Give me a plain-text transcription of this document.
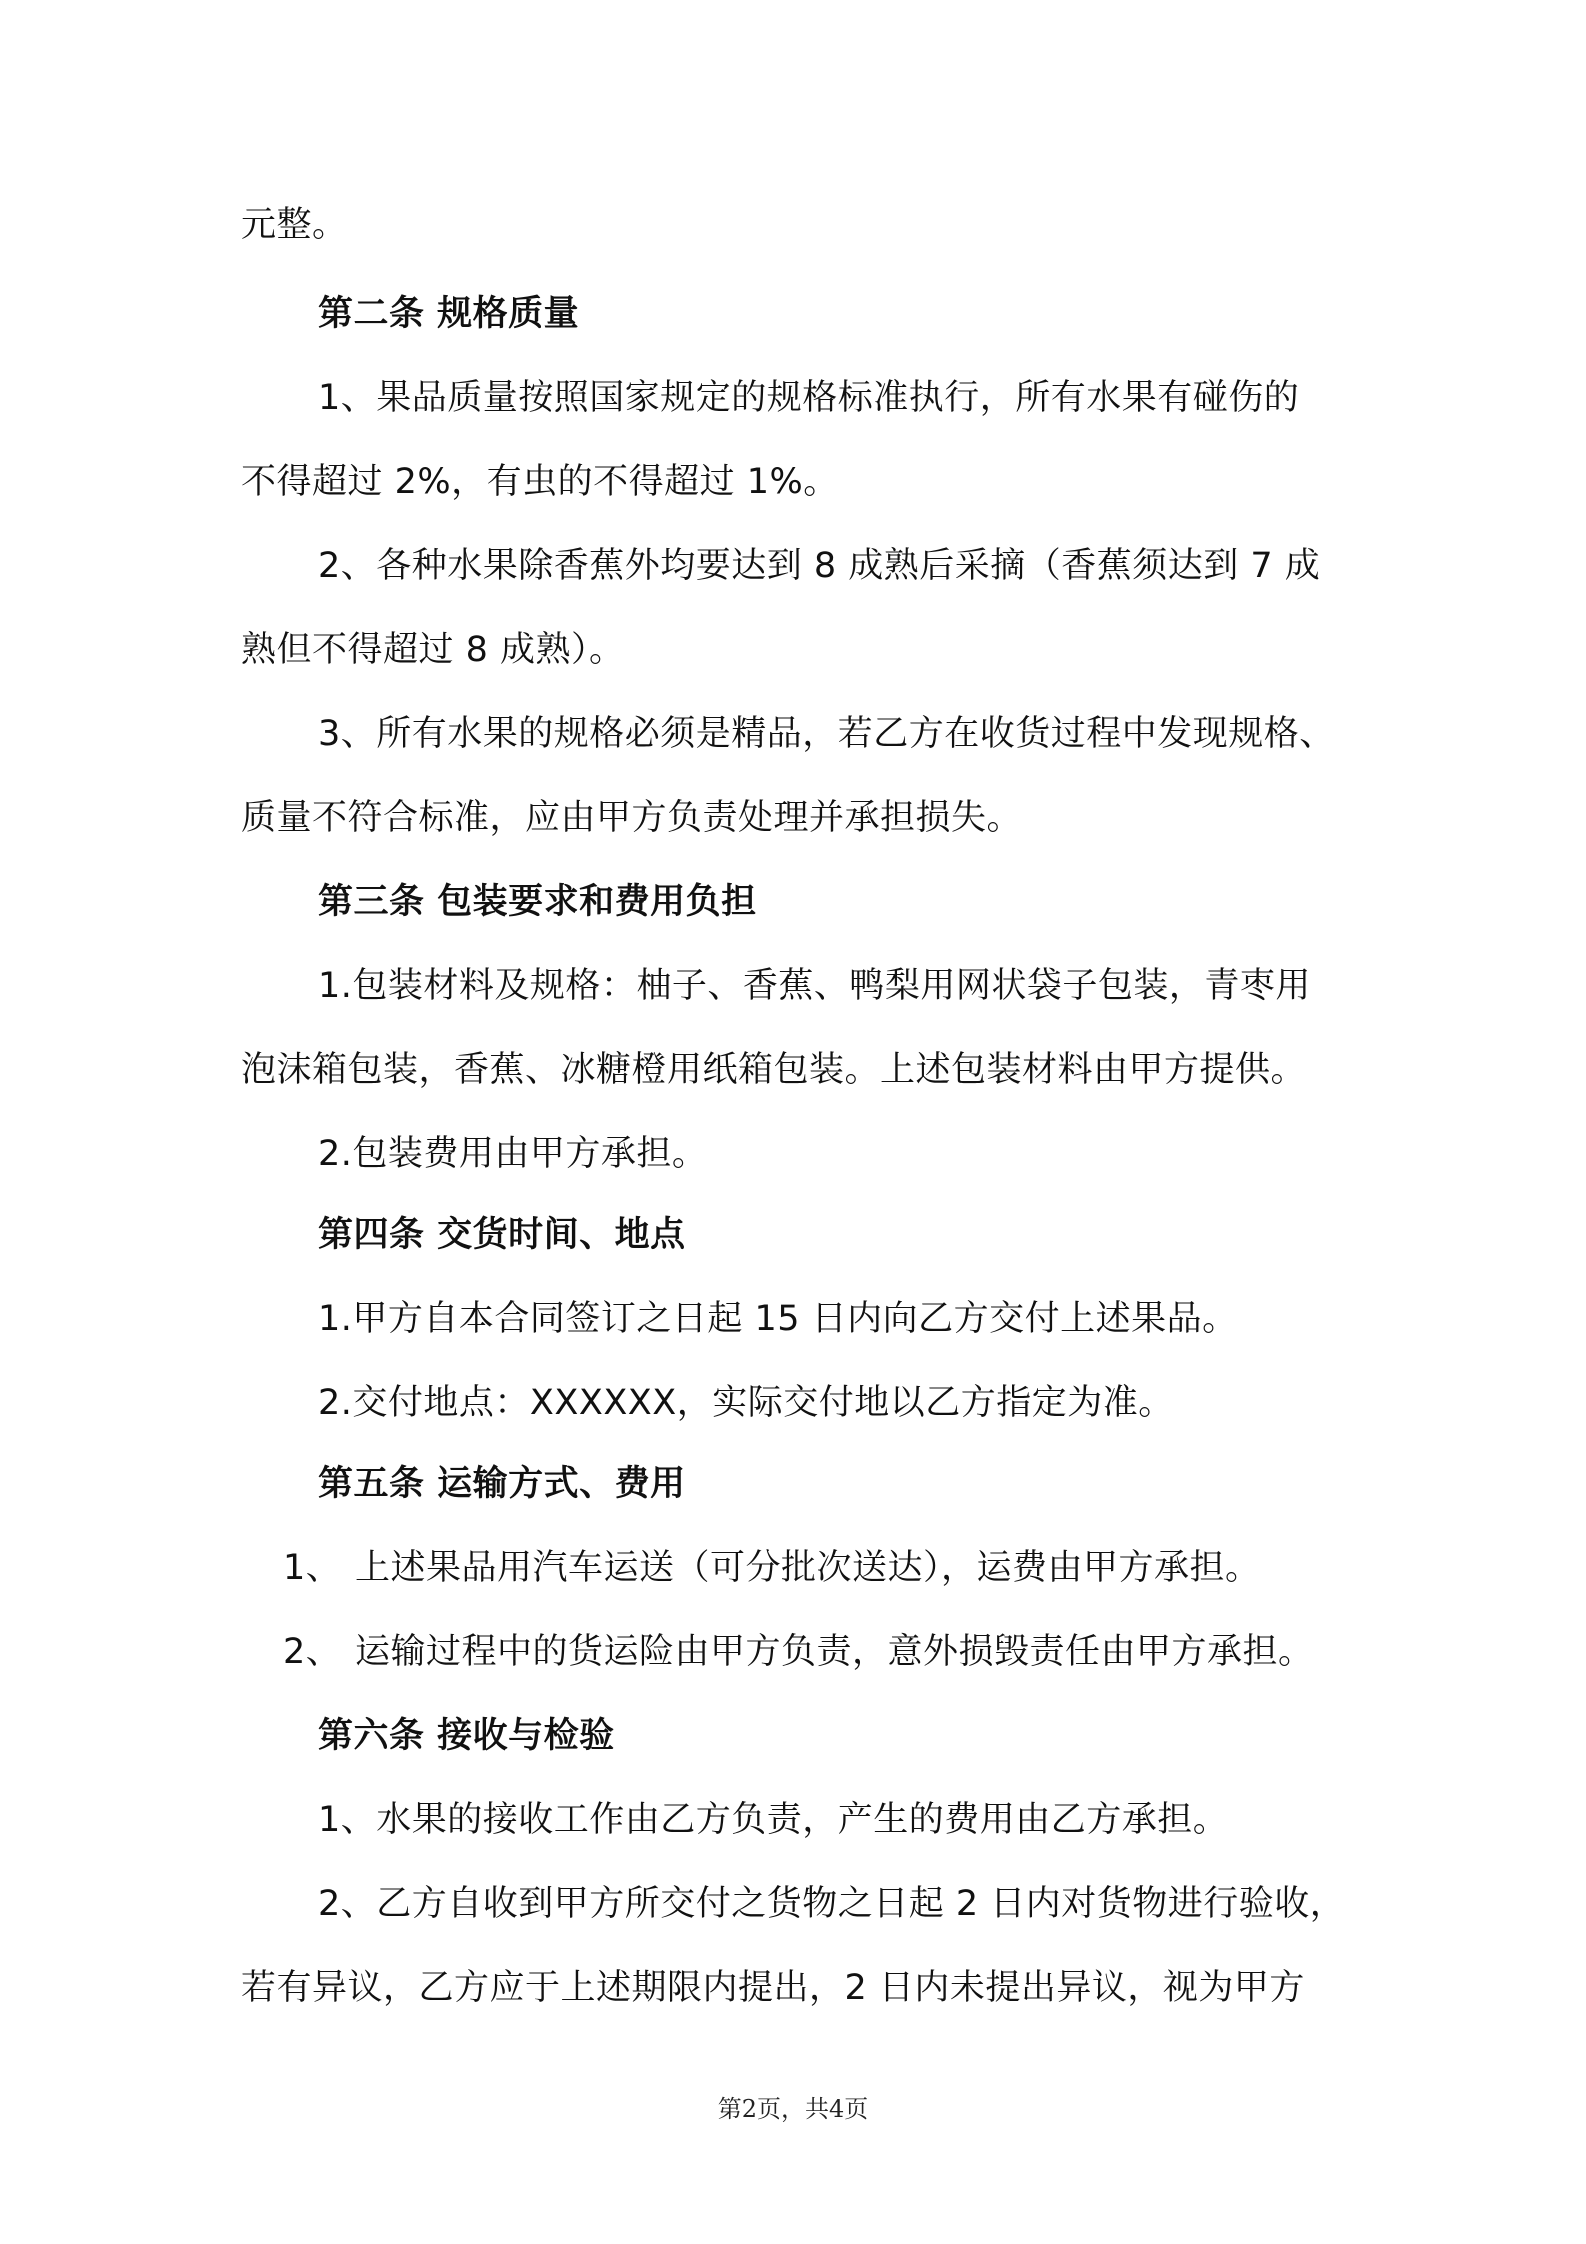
元整。
第二条 规格质量
1、果品质量按照国家规定的规格标准执行，所有水果有碰伤的
不得超过 2%，有虫的不得超过 1%。
2、各种水果除香蕉外均要达到 8 成熟后采摘（香蕉须达到 7 成
熟但不得超过 8 成熟）。
3、所有水果的规格必须是精品，若乙方在收货过程中发现规格、
质量不符合标准，应由甲方负责处理并承担损失。
第三条 包装要求和费用负担
1.包装材料及规格：柚子、香蕉、鸭梨用网状袋子包装，青枣用
泡沫箱包装，香蕉、冰糖橙用纸箱包装。上述包装材料由甲方提供。
2.包装费用由甲方承担。
第四条 交货时间、地点
1.甲方自本合同签订之日起 15 日内向乙方交付上述果品。
2.交付地点：XXXXXX，实际交付地以乙方指定为准。
第五条 运输方式、费用
1、 上述果品用汽车运送（可分批次送达），运费由甲方承担。
2、 运输过程中的货运险由甲方负责，意外损毁责任由甲方承担。
第六条 接收与检验
1、水果的接收工作由乙方负责，产生的费用由乙方承担。
2、乙方自收到甲方所交付之货物之日起 2 日内对货物进行验收，
若有异议，乙方应于上述期限内提出，2 日内未提出异议，视为甲方
第2页，共4页
